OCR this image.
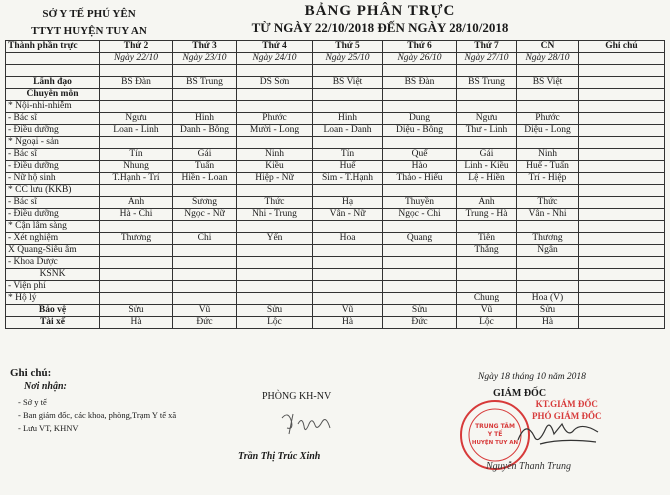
SỞ Y TẾ PHÚ YÊN
TTYT HUYỆN TUY AN
BẢNG PHÂN TRỰC
TỪ NGÀY 22/10/2018 ĐẾN NGÀY 28/10/2018
Thành phần trực	Thứ 2	Thứ 3	Thứ 4	Thứ 5	Thứ 6	Thứ 7	CN	Ghi chú
	Ngày 22/10	Ngày 23/10	Ngày 24/10	Ngày 25/10	Ngày 26/10	Ngày 27/10	Ngày 28/10	

Lãnh đạo	BS Đàn	BS Trung	DS Sơn	BS Việt	BS Đàn	BS Trung	BS Việt	
Chuyên môn								
* Nội-nhi-nhiễm								
- Bác sĩ	Ngưu	Hinh	Phước	Hinh	Dung	Ngưu	Phước	
- Điều dưỡng	Loan - Linh	Danh - Bông	Mười - Long	Loan - Danh	Diệu - Bông	Thư - Linh	Diệu - Long	
* Ngoại - sản								
- Bác sĩ	Tín	Gái	Ninh	Tín	Quế	Gái	Ninh	
- Điều dưỡng	Nhung	Tuấn	Kiều	Huế	Hào	Linh - Kiều	Huế - Tuấn	
- Nữ hộ sinh	T.Hạnh - Trí	Hiền - Loan	Hiệp - Nữ	Sim - T.Hạnh	Thảo - Hiếu	Lệ - Hiền	Trí - Hiệp	
* CC lưu (KKB)								
- Bác sĩ	Anh	Sương	Thức	Hạ	Thuyền	Anh	Thức	
- Điều dưỡng	Hà - Chi	Ngọc - Nữ	Nhi - Trung	Vân - Nữ	Ngọc - Chi	Trung - Hà	Vân - Nhi	
* Cận lâm sàng								
- Xét nghiệm	Thương	Chi	Yến	Hoa	Quang	Tiên	Thương	
X Quang-Siêu âm						Thắng	Ngân	
- Khoa Dược								
KSNK								
- Viện phí								
* Hộ lý						Chung	Hoa (V)	
Bảo vệ	Sửu	Vũ	Sửu	Vũ	Sửu	Vũ	Sửu	
Tài xế	Hà	Đức	Lộc	Hà	Đức	Lộc	Hà	
Ghi chú:
Nơi nhận:
- Sở y tế
- Ban giám đốc, các khoa, phòng,Trạm Y tế xã
- Lưu VT, KHNV
PHÒNG KH-NV
Trần Thị Trúc Xinh
Ngày 18 tháng 10 năm 2018
GIÁM ĐỐC
TRUNG TÂM
Y TẾ
HUYỆN TUY AN
KT.GIÁM ĐỐC
PHÓ GIÁM ĐỐC
Nguyễn Thanh Trung
